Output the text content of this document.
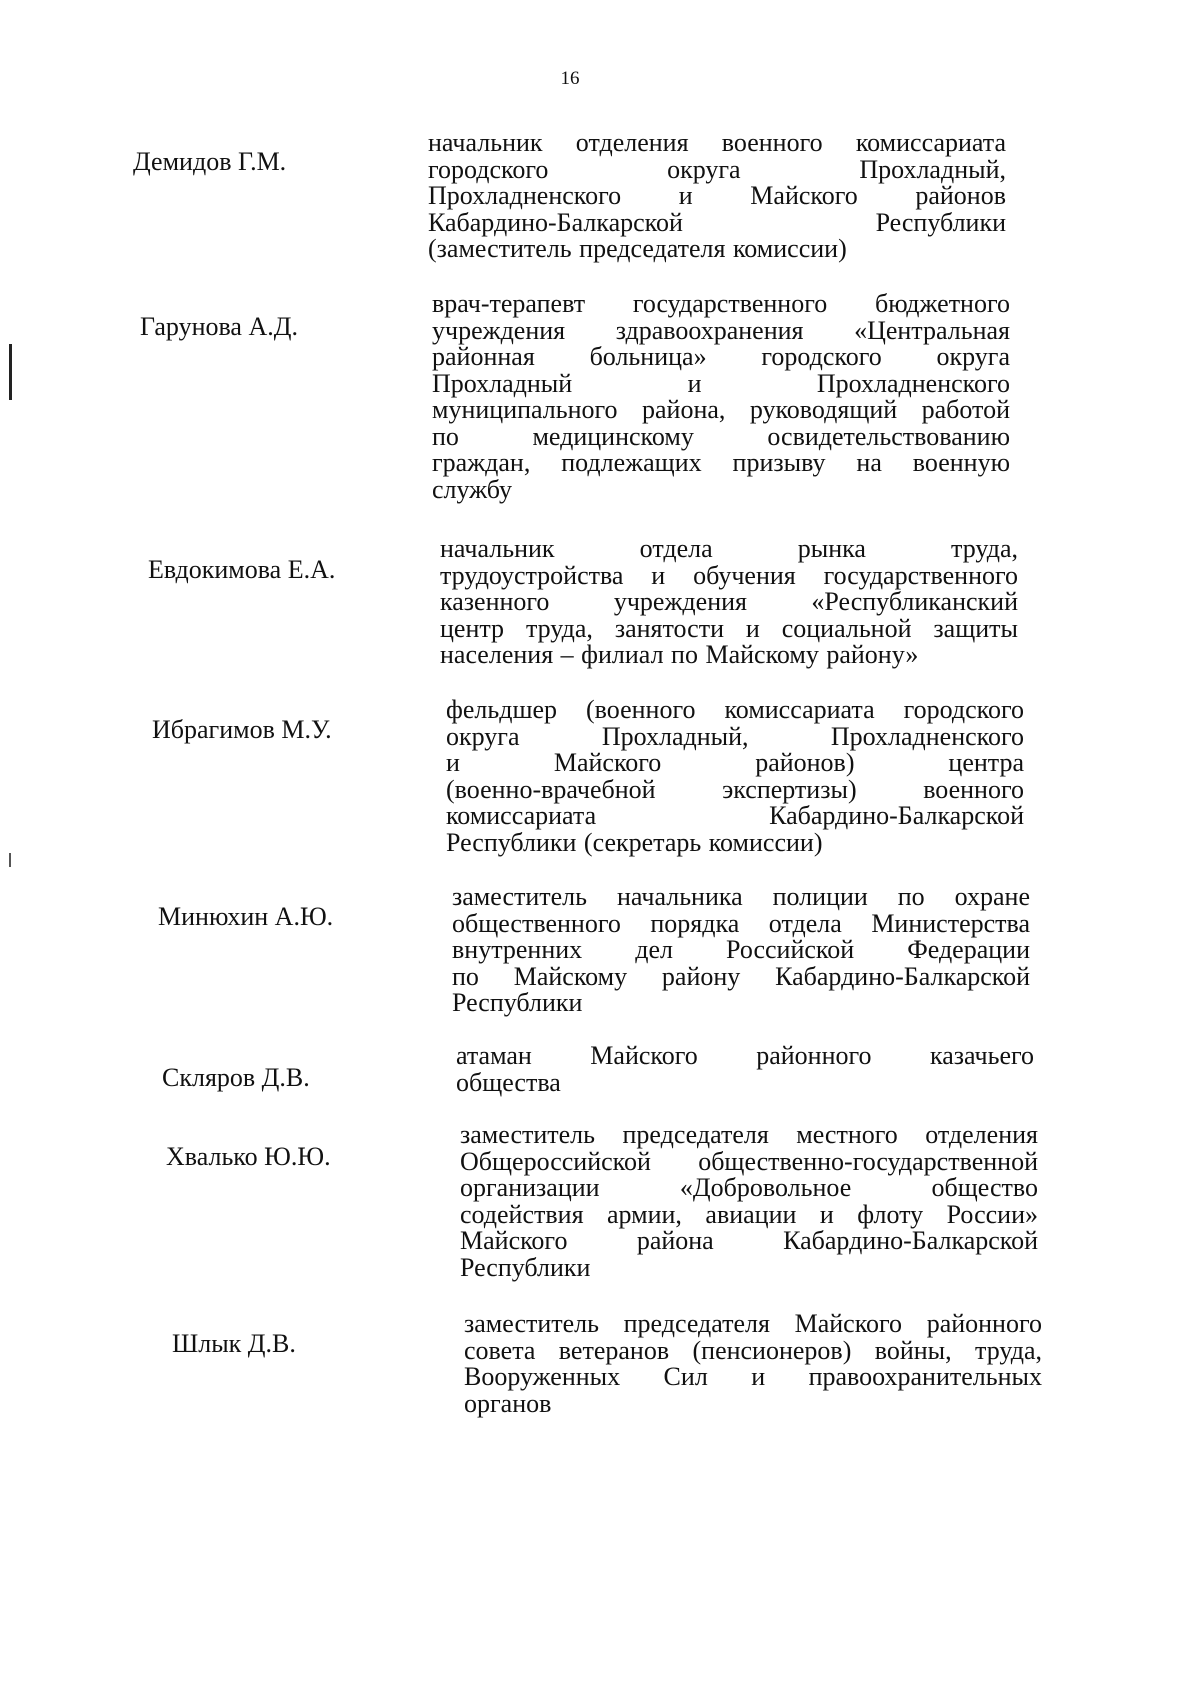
16
Демидов Г.М.
начальник отделения военного комиссариата
городского округа Прохладный,
Прохладненского и Майского районов
Кабардино-Балкарской Республики
(заместитель председателя комиссии)
Гарунова А.Д.
врач-терапевт государственного бюджетного
учреждения здравоохранения «Центральная
районная больница» городского округа
Прохладный и Прохладненского
муниципального района, руководящий работой
по медицинскому освидетельствованию
граждан, подлежащих призыву на военную
службу
Евдокимова Е.А.
начальник отдела рынка труда,
трудоустройства и обучения государственного
казенного учреждения «Республиканский
центр труда, занятости и социальной защиты
населения – филиал по Майскому району»
Ибрагимов М.У.
фельдшер (военного комиссариата городского
округа Прохладный, Прохладненского
и Майского районов) центра
(военно-врачебной экспертизы) военного
комиссариата Кабардино-Балкарской
Республики (секретарь комиссии)
Минюхин А.Ю.
заместитель начальника полиции по охране
общественного порядка отдела Министерства
внутренних дел Российской Федерации
по Майскому району Кабардино-Балкарской
Республики
Скляров Д.В.
атаман Майского районного казачьего
общества
Хвалько Ю.Ю.
заместитель председателя местного отделения
Общероссийской общественно-государственной
организации «Добровольное общество
содействия армии, авиации и флоту России»
Майского района Кабардино-Балкарской
Республики
Шлык Д.В.
заместитель председателя Майского районного
совета ветеранов (пенсионеров) войны, труда,
Вооруженных Сил и правоохранительных
органов
